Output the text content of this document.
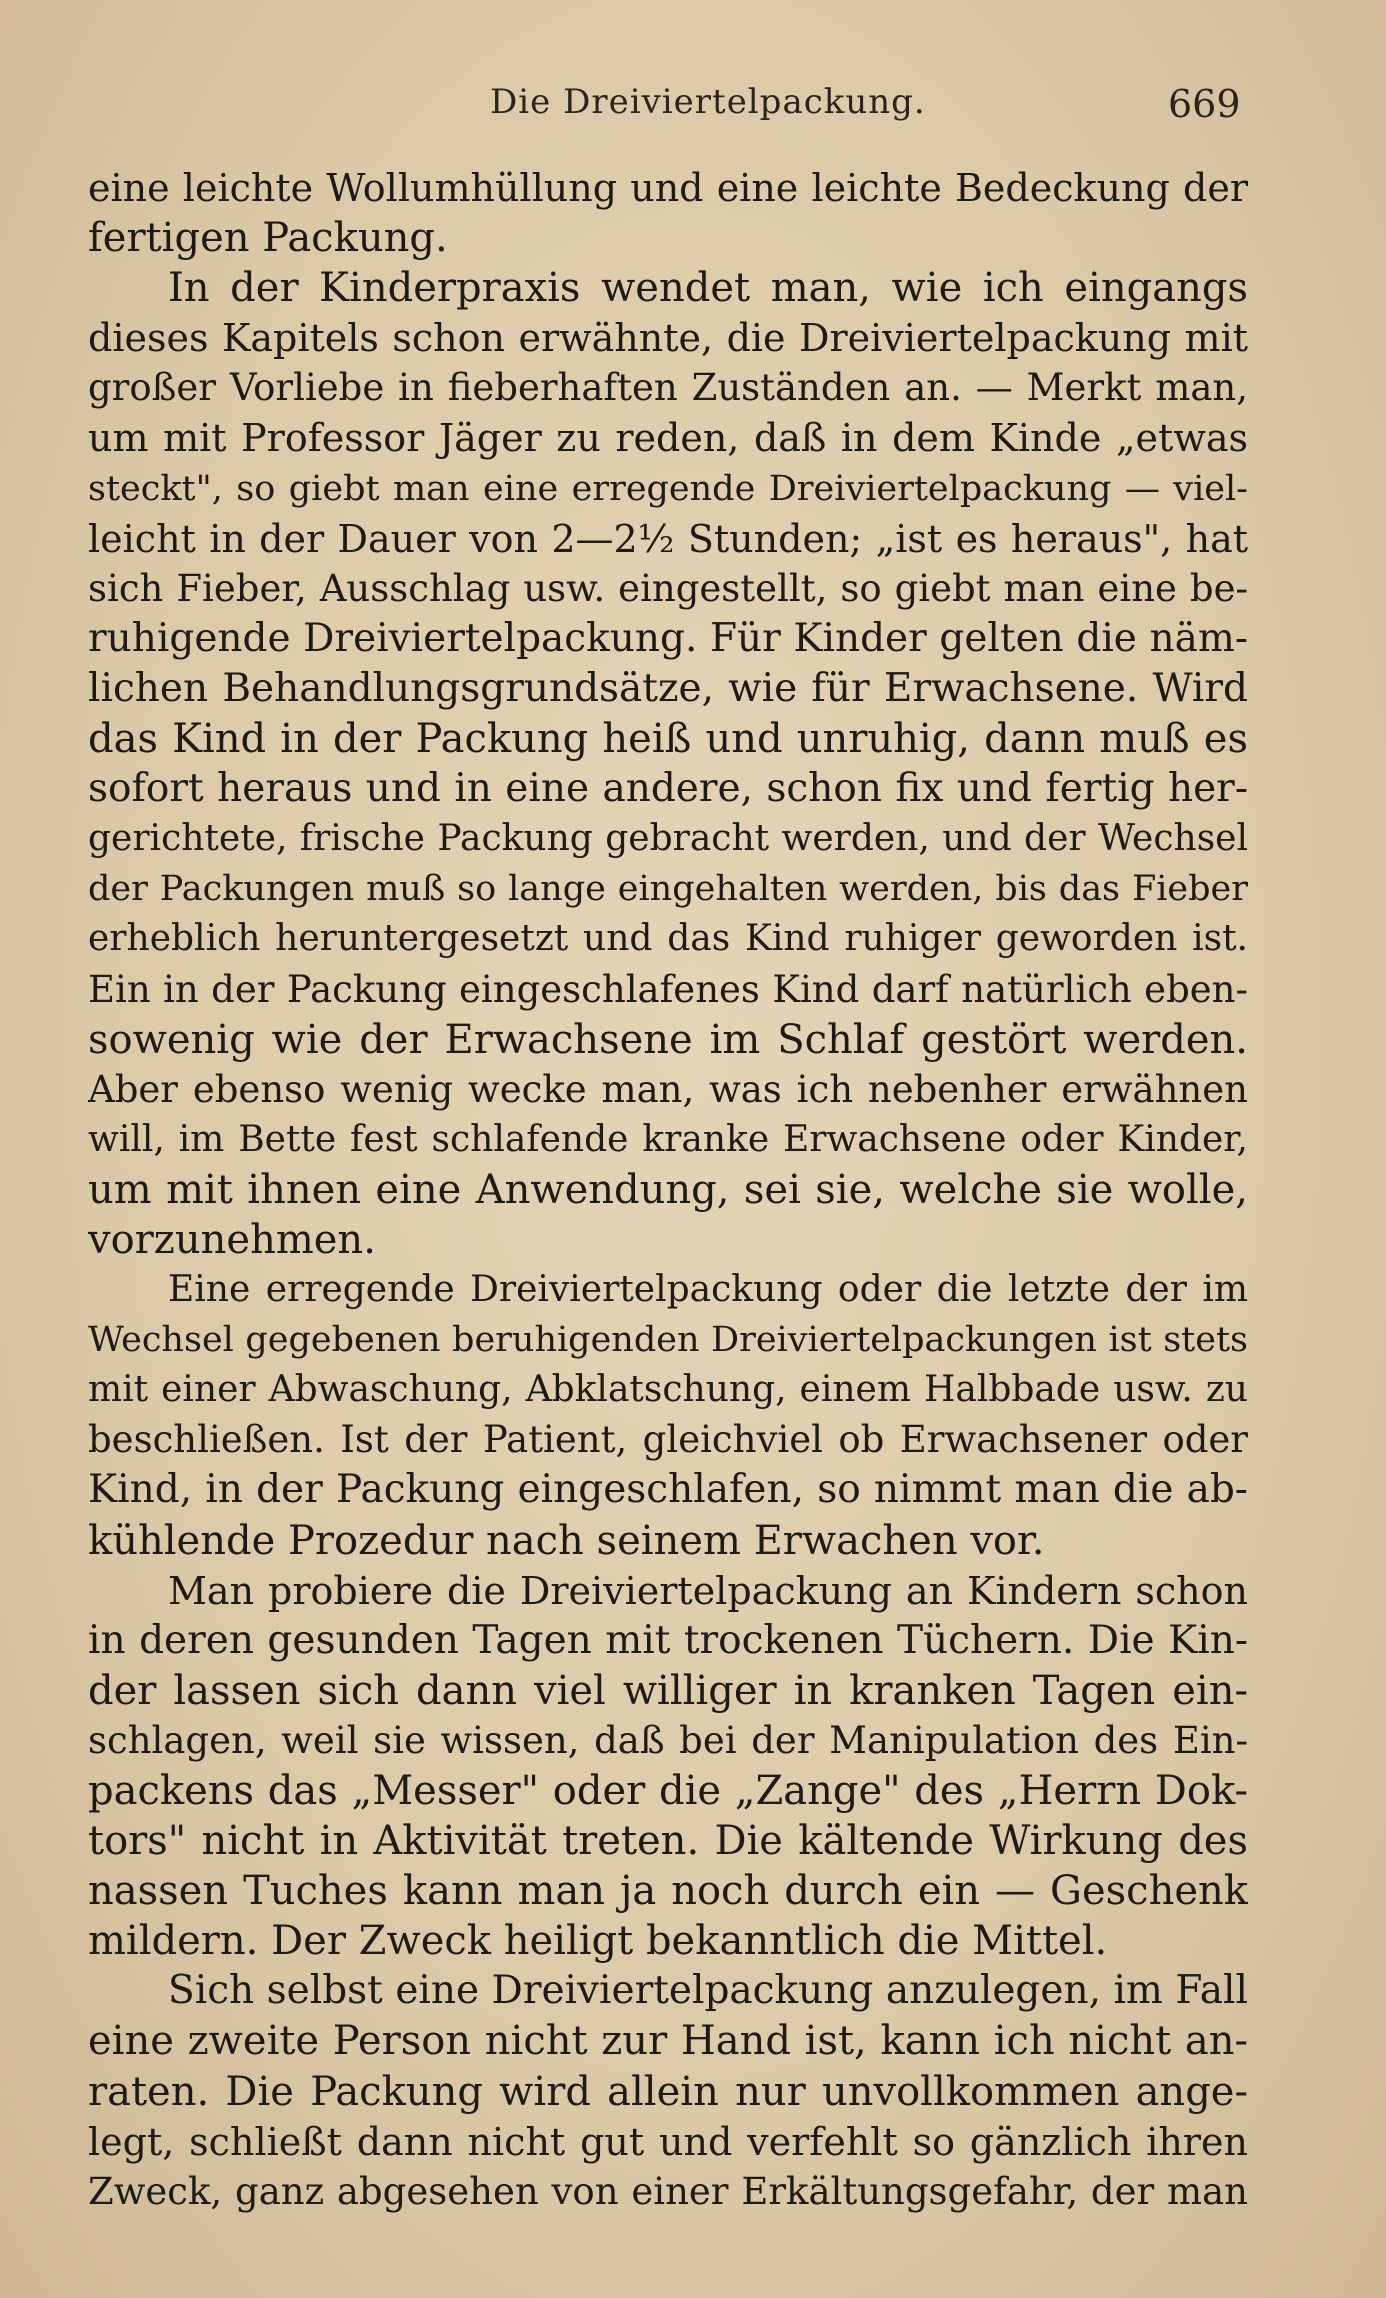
Die Dreiviertelpackung.	669
eine leichte Wollumhüllung und eine leichte Bedeckung der
fertigen Packung.
In der Kinderpraxis wendet man, wie ich eingangs
dieses Kapitels schon erwähnte, die Dreiviertelpackung mit
großer Vorliebe in fieberhaften Zuständen an. — Merkt man,
um mit Professor Jäger zu reden, daß in dem Kinde „etwas
steckt", so giebt man eine erregende Dreiviertelpackung — viel-
leicht in der Dauer von 2—2½ Stunden; „ist es heraus", hat
sich Fieber, Ausschlag usw. eingestellt, so giebt man eine be-
ruhigende Dreiviertelpackung. Für Kinder gelten die näm-
lichen Behandlungsgrundsätze, wie für Erwachsene. Wird
das Kind in der Packung heiß und unruhig, dann muß es
sofort heraus und in eine andere, schon fix und fertig her-
gerichtete, frische Packung gebracht werden, und der Wechsel
der Packungen muß so lange eingehalten werden, bis das Fieber
erheblich heruntergesetzt und das Kind ruhiger geworden ist.
Ein in der Packung eingeschlafenes Kind darf natürlich eben-
sowenig wie der Erwachsene im Schlaf gestört werden.
Aber ebenso wenig wecke man, was ich nebenher erwähnen
will, im Bette fest schlafende kranke Erwachsene oder Kinder,
um mit ihnen eine Anwendung, sei sie, welche sie wolle,
vorzunehmen.
Eine erregende Dreiviertelpackung oder die letzte der im
Wechsel gegebenen beruhigenden Dreiviertelpackungen ist stets
mit einer Abwaschung, Abklatschung, einem Halbbade usw. zu
beschließen. Ist der Patient, gleichviel ob Erwachsener oder
Kind, in der Packung eingeschlafen, so nimmt man die ab-
kühlende Prozedur nach seinem Erwachen vor.
Man probiere die Dreiviertelpackung an Kindern schon
in deren gesunden Tagen mit trockenen Tüchern. Die Kin-
der lassen sich dann viel williger in kranken Tagen ein-
schlagen, weil sie wissen, daß bei der Manipulation des Ein-
packens das „Messer" oder die „Zange" des „Herrn Dok-
tors" nicht in Aktivität treten. Die kältende Wirkung des
nassen Tuches kann man ja noch durch ein — Geschenk
mildern. Der Zweck heiligt bekanntlich die Mittel.
Sich selbst eine Dreiviertelpackung anzulegen, im Fall
eine zweite Person nicht zur Hand ist, kann ich nicht an-
raten. Die Packung wird allein nur unvollkommen ange-
legt, schließt dann nicht gut und verfehlt so gänzlich ihren
Zweck, ganz abgesehen von einer Erkältungsgefahr, der man
